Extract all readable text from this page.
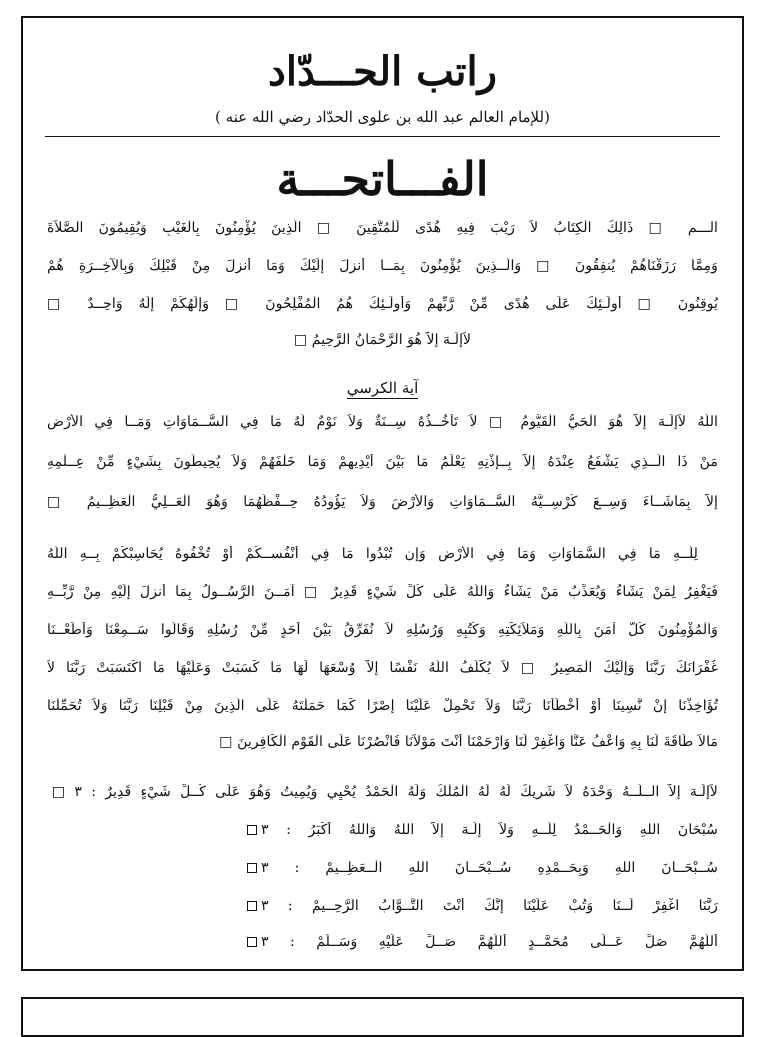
راتب الحـــدّاد
(للإمام العالم عبد الله بن علوى الحدّاد رضي الله عنه )
الفـــاتحـــة
الـــم □ ذَالِكَ الْكِتَابُ لاَ رَيْبَ فِيهِ هُدًى لِّلْمُتَّقِينَ □ الَّذِينَ يُؤْمِنُونَ بِالْغَيْبِ وَيُقِيمُونَ الصَّلاَةَ
وَمِمَّا رَزَقْنَاهُمْ يُنفِقُونَ □ وَالَّــذِينَ يُؤْمِنُونَ بِمَــا أُنزِلَ إِلَيْكَ وَمَا أُنزِلَ مِنْ قَبْلِكَ وَبِالآخِــرَةِ هُمْ
يُوقِنُونَ □ أُولَـئِكَ عَلَى هُدًى مِّنْ رَّبِّهِمْ وَأُولَـئِكَ هُمُ الْمُفْلِحُونَ □ وَإِلَهُكُمْ إِلَهٌ وَاحِــدٌ □
لاَإِلَـهَ إِلاَّ هُوَ الرَّحْمَانُ الرَّحِيمُ □
آية الكرسي
اللّهُ لاَإِلَـهَ إِلاَّ هُوَ الْحَيُّ الْقَيُّومُ □ لاَ تَأْخُــذُهُ سِــنَةٌ وَلاَ نَوْمٌ لَّهُ مَا فِي السَّــمَاوَاتِ وَمَــا فِي الأَرْضِ
مَنْ ذَا الَّــذِي يَشْفَعُ عِنْدَهُ إِلاَّ بِــإِذْنِهِ يَعْلَمُ مَا بَيْنَ أَيْدِيهِمْ وَمَا خَلْفَهُمْ وَلاَ يُحِيطُونَ بِشَيْءٍ مِّنْ عِــلْمِهِ
إِلاَّ بِمَاشَــاءَ وَسِــعَ كُرْسِــيُّهُ السَّــمَاوَاتِ وَالأَرْضَ وَلاَ يَؤُودُهُ حِــفْظُهُمَا وَهُوَ الْعَــلِيُّ الْعَظِــيمُ □
لِلَّــهِ مَا فِي السَّمَاوَاتِ وَمَا فِي الأَرْضِ وَإِن تُبْدُوا مَا فِي أَنْفُســكُمْ أَوْ تُخْفُوهُ يُحَاسِبْكُمْ بِــهِ اللّهُ
فَيَغْفِرُ لِمَنْ يَشَاءُ وَيُعَذِّبُ مَنْ يَشَاءُ وَاللّهُ عَلَى كُلِّ شَيْءٍ قَدِيرٌ □ آمَــنَ الرَّسُــولُ بِمَا أُنزِلَ إِلَيْهِ مِنْ رَّبِّــهِ
وَالْمُؤْمِنُونَ كُلٌّ آمَنَ بِاللّهِ وَمَلاَئِكَتِهِ وَكُتُبِهِ وَرُسُلِهِ لاَ نُفَرِّقُ بَيْنَ أَحَدٍ مِّنْ رُسُلِهِ وَقَالُوا سَــمِعْنَا وَأَطَعْــنَا
غُفْرَانَكَ رَبَّنَا وَإِلَيْكَ الْمَصِيرُ □ لاَ يُكَلِّفُ اللّهُ نَفْسًا إِلاَّ وُسْعَهَا لَهَا مَا كَسَبَتْ وَعَلَيْهَا مَا اكْتَسَبَتْ رَبَّنَا لاَ
تُؤَاخِذْنَا إِنْ نَّسِينَا أَوْ أَخْطَأْنَا رَبَّنَا وَلاَ تَحْمِلْ عَلَيْنَا إِصْرًا كَمَا حَمَلْتَهُ عَلَى الَّذِينَ مِنْ قَبْلِنَا رَبَّنَا وَلاَ تُحَمِّلْنَا
مَالاَ طَاقَةَ لَنَا بِهِ وَاعْفُ عَنَّا وَاغْفِرْ لَنَا وَارْحَمْنَا أَنْتَ مَوْلاَنَا فَانْصُرْنَا عَلَى الْقَوْمِ الْكَافِرِينَ □
لاَإِلَـهَ إِلاَّ الــلَّــهُ وَحْدَهُ لاَ شَرِيكَ لَهُ لَهُ الْمُلْكُ وَلَهُ الْحَمْدُ يُحْيِي وَيُمِيتُ وَهُوَ عَلَى كُــلِّ شَيْءٍ قَدِيرٌ : ٣ □
سُبْحَانَ اللهِ وَالْحَــمْدُ لِلّــهِ وَلاَ إِلَـهَ إِلاَّ اللهُ وَاللهُ أَكْبَرُ : ٣
سُــبْحَــانَ اللهِ وَبِحَــمْدِهِ سُــبْحَــانَ اللهِ الْــعَظِــيمْ : ٣
رَبَّنَا اغْفِرْ لَــنَا وَتُبْ عَلَيْنَا إِنَّكَ أَنْتَ التَّــوَّابُ الرَّحِــيمْ : ٣
أَللَّهُمَّ صَلِّ عَــلَى مُحَمَّــدٍ أَللَّهُمَّ صَــلِّ عَلَيْهِ وَسَــلِّمْ : ٣
